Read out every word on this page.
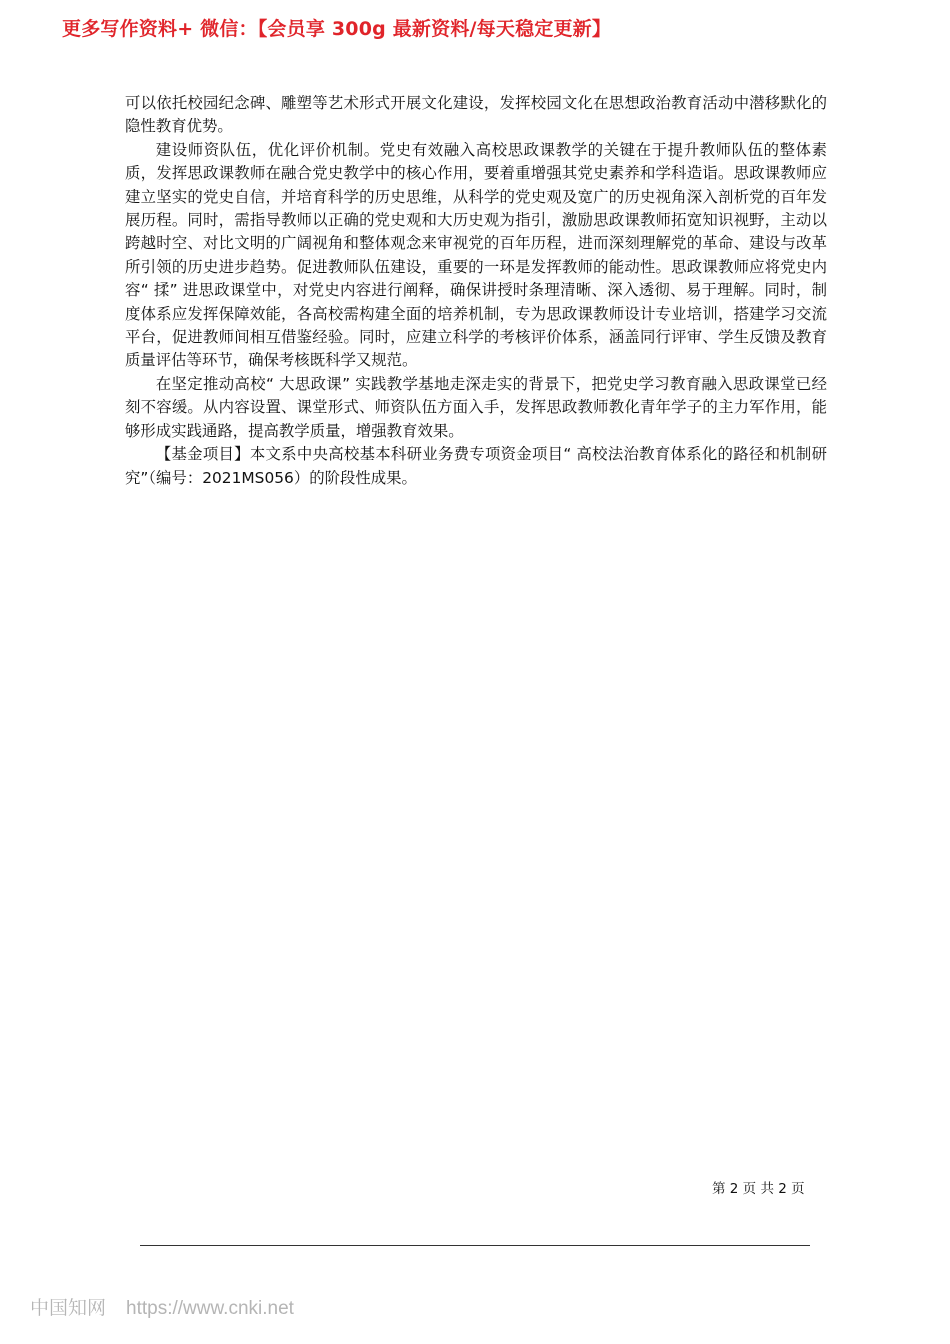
更多写作资料+ 微信：【会员享 300g 最新资料/每天稳定更新】

可以依托校园纪念碑、雕塑等艺术形式开展文化建设，发挥校园文化在思想政治教育活动中潜移默化的隐性教育优势。

建设师资队伍，优化评价机制。党史有效融入高校思政课教学的关键在于提升教师队伍的整体素质，发挥思政课教师在融合党史教学中的核心作用，要着重增强其党史素养和学科造诣。思政课教师应建立坚实的党史自信，并培育科学的历史思维，从科学的党史观及宽广的历史视角深入剖析党的百年发展历程。同时，需指导教师以正确的党史观和大历史观为指引，激励思政课教师拓宽知识视野，主动以跨越时空、对比文明的广阔视角和整体观念来审视党的百年历程，进而深刻理解党的革命、建设与改革所引领的历史进步趋势。促进教师队伍建设，重要的一环是发挥教师的能动性。思政课教师应将党史内容“ 揉” 进思政课堂中，对党史内容进行阐释，确保讲授时条理清晰、深入透彻、易于理解。同时，制度体系应发挥保障效能，各高校需构建全面的培养机制，专为思政课教师设计专业培训，搭建学习交流平台，促进教师间相互借鉴经验。同时，应建立科学的考核评价体系，涵盖同行评审、学生反馈及教育质量评估等环节，确保考核既科学又规范。

在坚定推动高校“ 大思政课” 实践教学基地走深走实的背景下，把党史学习教育融入思政课堂已经刻不容缓。从内容设置、课堂形式、师资队伍方面入手，发挥思政教师教化青年学子的主力军作用，能够形成实践通路，提高教学质量，增强教育效果。

【基金项目】本文系中央高校基本科研业务费专项资金项目“ 高校法治教育体系化的路径和机制研究”（编号：2021MS056）的阶段性成果。

第 2 页 共 2 页
中国知网 https://www.cnki.net
